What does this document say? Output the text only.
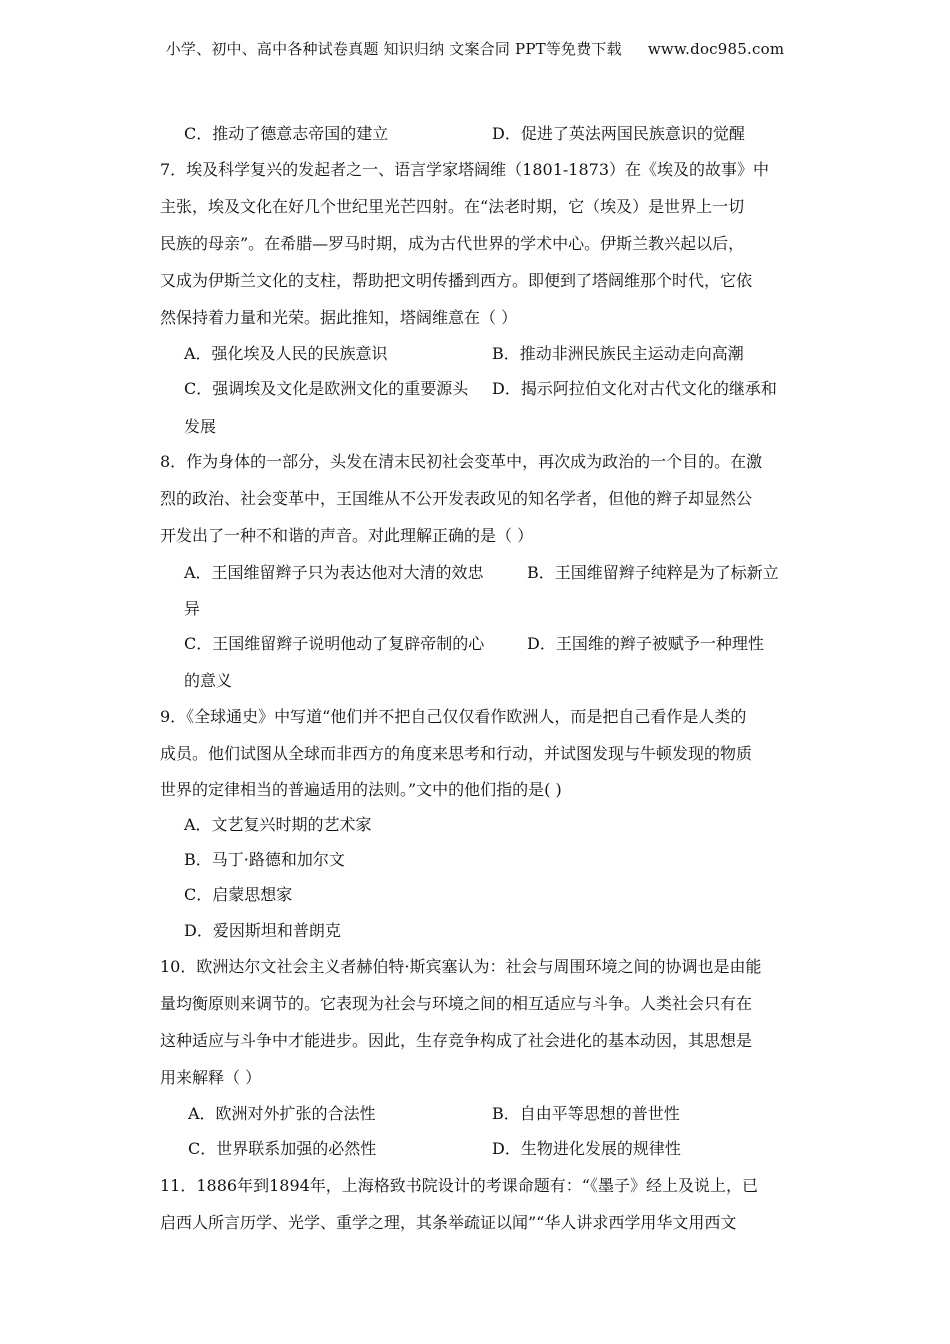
小学、初中、高中各种试卷真题 知识归纳 文案合同 PPT等免费下载 www.doc985.com
C．推动了德意志帝国的建立	D．促进了英法两国民族意识的觉醒
7．埃及科学复兴的发起者之一、语言学家塔阔维（1801-1873）在《埃及的故事》中
主张，埃及文化在好几个世纪里光芒四射。在“法老时期，它（埃及）是世界上一切
民族的母亲”。在希腊—罗马时期，成为古代世界的学术中心。伊斯兰教兴起以后，
又成为伊斯兰文化的支柱，帮助把文明传播到西方。即便到了塔阔维那个时代，它依
然保持着力量和光荣。据此推知，塔阔维意在（ ）
A．强化埃及人民的民族意识	B．推动非洲民族民主运动走向高潮
C．强调埃及文化是欧洲文化的重要源头 D．揭示阿拉伯文化对古代文化的继承和
发展
8．作为身体的一部分，头发在清末民初社会变革中，再次成为政治的一个目的。在激
烈的政治、社会变革中，王国维从不公开发表政见的知名学者，但他的辫子却显然公
开发出了一种不和谐的声音。对此理解正确的是（ ）
A．王国维留辫子只为表达他对大清的效忠	B．王国维留辫子纯粹是为了标新立
异
C．王国维留辫子说明他动了复辟帝制的心	D．王国维的辫子被赋予一种理性
的意义
9．《全球通史》中写道“他们并不把自己仅仅看作欧洲人，而是把自己看作是人类的
成员。他们试图从全球而非西方的角度来思考和行动，并试图发现与牛顿发现的物质
世界的定律相当的普遍适用的法则。”文中的他们指的是( )
A．文艺复兴时期的艺术家
B．马丁·路德和加尔文
C．启蒙思想家
D．爱因斯坦和普朗克
10．欧洲达尔文社会主义者赫伯特·斯宾塞认为：社会与周围环境之间的协调也是由能
量均衡原则来调节的。它表现为社会与环境之间的相互适应与斗争。人类社会只有在
这种适应与斗争中才能进步。因此，生存竞争构成了社会进化的基本动因，其思想是
用来解释（ ）
A．欧洲对外扩张的合法性	B．自由平等思想的普世性
C．世界联系加强的必然性	D．生物进化发展的规律性
11．1886年到1894年，上海格致书院设计的考课命题有：“《墨子》经上及说上，已
启西人所言历学、光学、重学之理，其条举疏证以闻”“华人讲求西学用华文用西文
